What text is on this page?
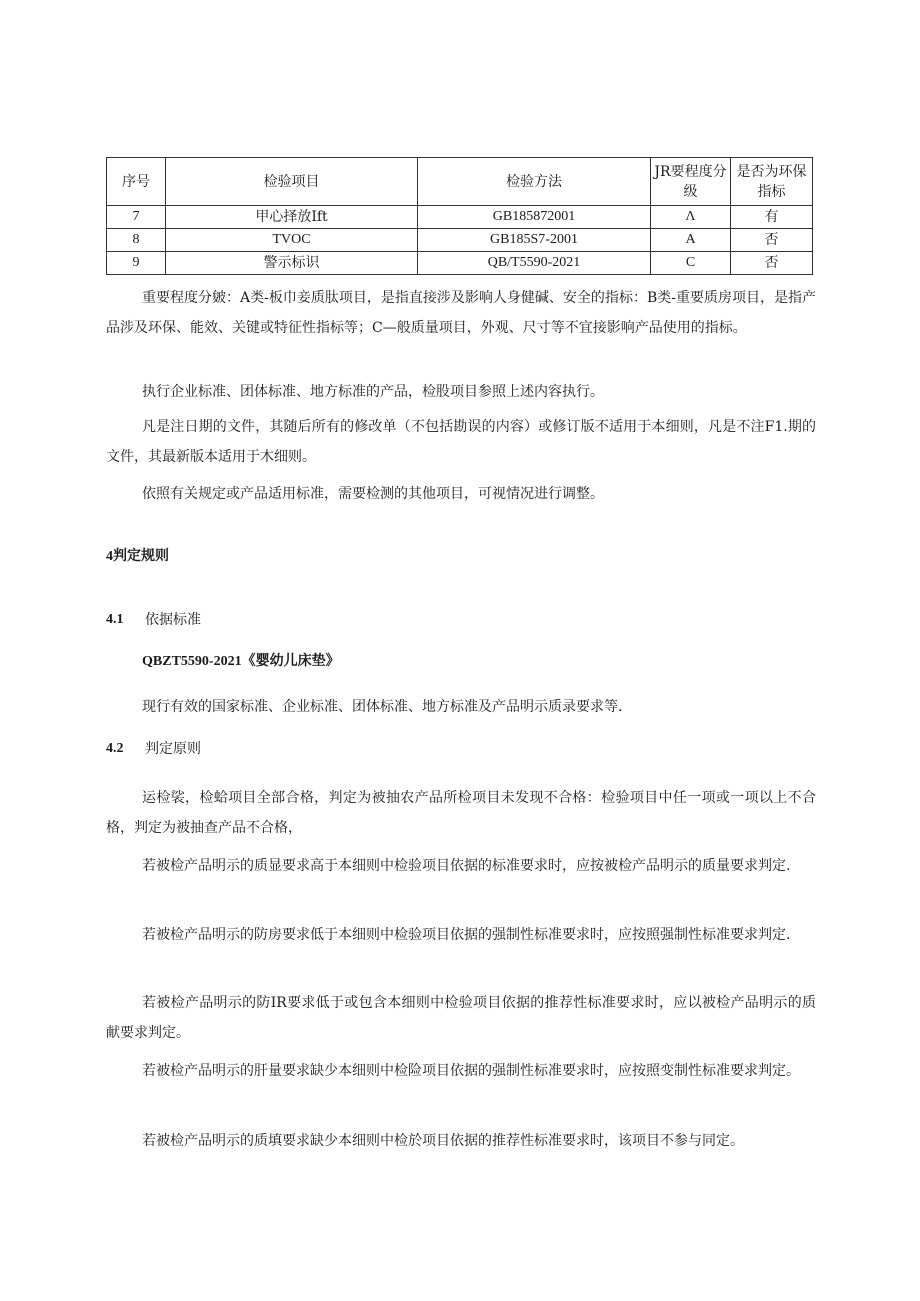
序号	检验项目	检验方法	JR要程度分级	是否为环保指标
7	甲心择放Ift	GB185872001	Λ	有
8	TVOC	GB185S7-2001	A	否
9	警示标识	QB/T5590-2021	C	否

重要程度分皴：A类-板巾妾质肽项目，是指直接涉及影响人身健碱、安全的指标：B类-重要质房项目，是指产品涉及环保、能效、关键或特征性指标等；C—般质量项目，外观、尺寸等不宜接影响产品使用的指标。

执行企业标准、团体标准、地方标准的产品，检股项目参照上述内容执行。

凡是注日期的文件，其随后所有的修改单（不包括勘误的内容）或修订版不适用于本细则，凡是不注F1.期的文件，其最新版本适用于木细则。

依照有关规定或产品适用标准，需要检测的其他项目，可视情况进行调整。

4判定规则

4.1 依据标准

QBZT5590-2021《婴幼儿床垫》

现行有效的国家标准、企业标准、团体标准、地方标准及产品明示质录要求等.

4.2 判定原则

运检裟，检蛤项目全部合格，判定为被抽农产品所检项目未发现不合格：检验项目中任一项或一项以上不合格，判定为被抽查产品不合格，

若被检产品明示的质显要求高于本细则中检验项目依据的标准要求时，应按被检产品明示的质量要求判定.

若被检产品明示的防房要求低于本细则中检验项目依据的强制性标准要求时，应按照强制性标准要求判定.

若被检产品明示的防IR要求低于或包含本细则中检验项目依据的推荐性标准要求时，应以被检产品明示的质献要求判定。

若被检产品明示的肝量要求缺少本细则中检险项目依据的强制性标准要求时，应按照变制性标准要求判定。

若被检产品明示的质填要求缺少本细则中检於项目依据的推荐性标准要求时，该项目不参与同定。
